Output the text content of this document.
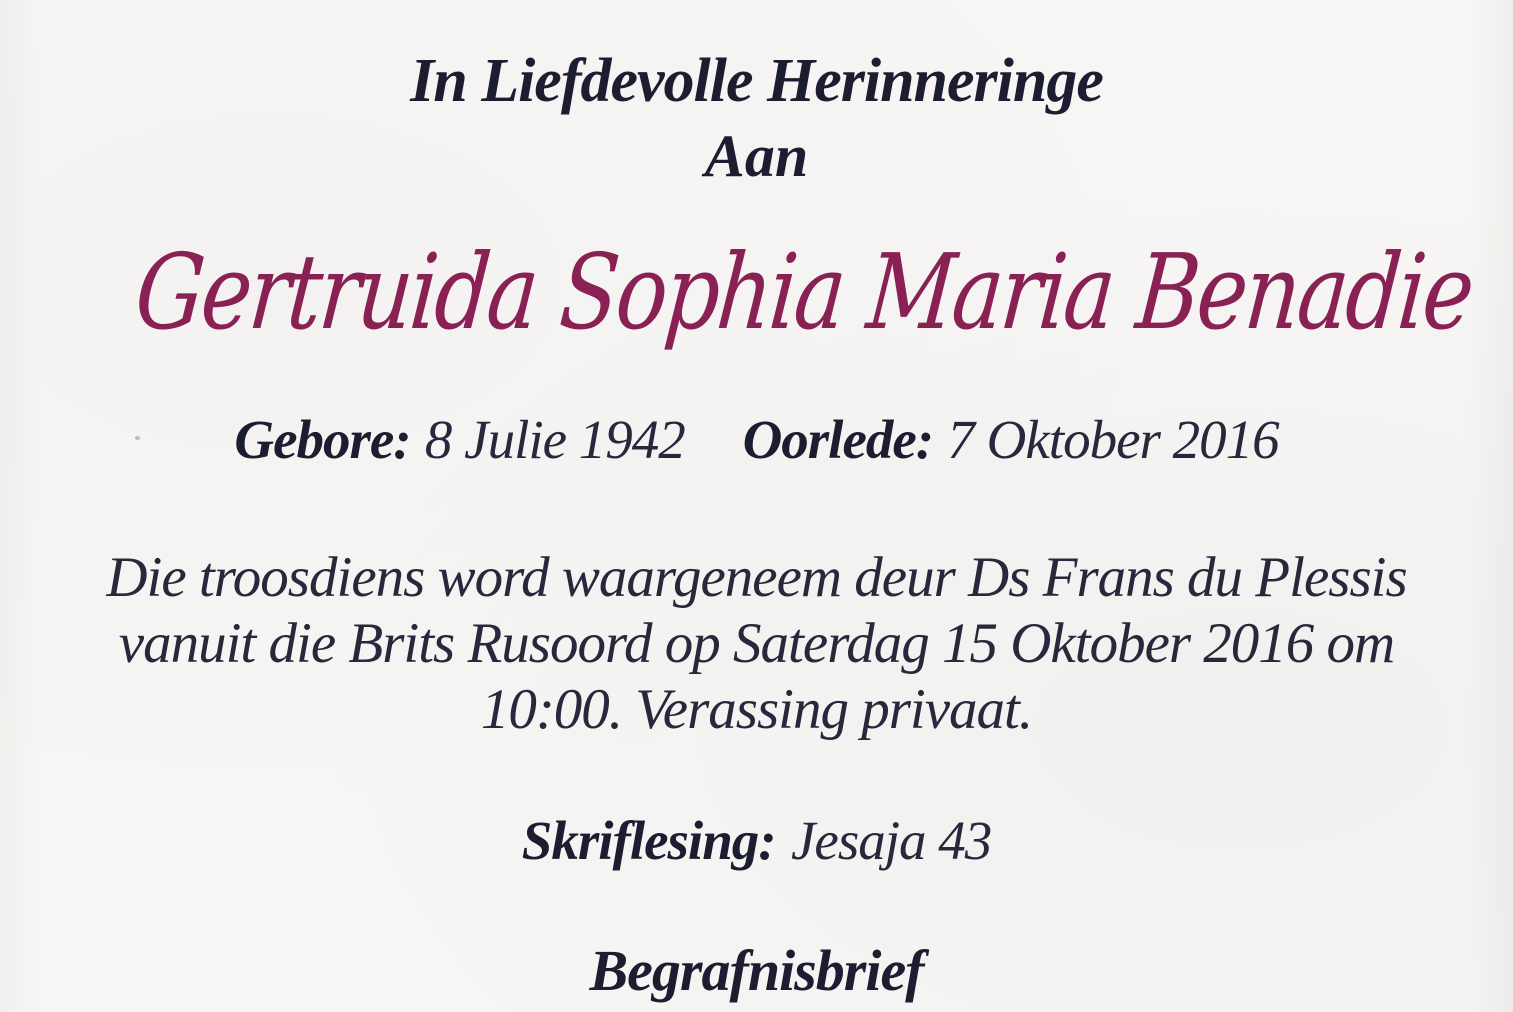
In Liefdevolle Herinneringe
Aan
Gertruida Sophia Maria Benadie
Gebore: 8 Julie 1942 Oorlede: 7 Oktober 2016
Die troosdiens word waargeneem deur Ds Frans du Plessis
vanuit die Brits Rusoord op Saterdag 15 Oktober 2016 om
10:00. Verassing privaat.
Skriflesing: Jesaja 43
Begrafnisbrief
